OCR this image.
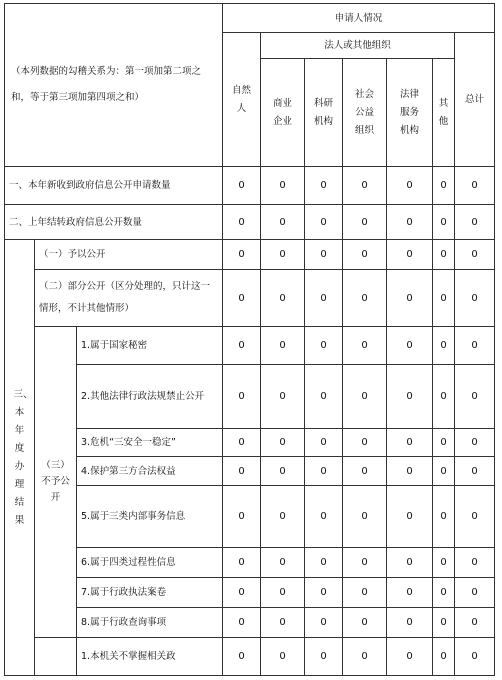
（本列数据的勾稽关系为：第一项加第二项之和，等于第三项加第四项之和）			申请人情况						
			自然人	法人或其他组织					总计
				商业企业	科研机构	社会公益组织	法律服务机构	其他	
一、本年新收到政府信息公开申请数量			0	0	0	0	0	0	0
二、上年结转政府信息公开数量			0	0	0	0	0	0	0
三、本年度办理结果	（一）予以公开		0	0	0	0	0	0	0
	（二）部分公开（区分处理的，只计这一情形，不计其他情形）		0	0	0	0	0	0	0
	（三）不予公开	1.属于国家秘密	0	0	0	0	0	0	0
		2.其他法律行政法规禁止公开	0	0	0	0	0	0	0
		3.危机“三安全一稳定”	0	0	0	0	0	0	0
		4.保护第三方合法权益	0	0	0	0	0	0	0
		5.属于三类内部事务信息	0	0	0	0	0	0	0
		6.属于四类过程性信息	0	0	0	0	0	0	0
		7.属于行政执法案卷	0	0	0	0	0	0	0
		8.属于行政查询事项	0	0	0	0	0	0	0
		1.本机关不掌握相关政	0	0	0	0	0	0	0
